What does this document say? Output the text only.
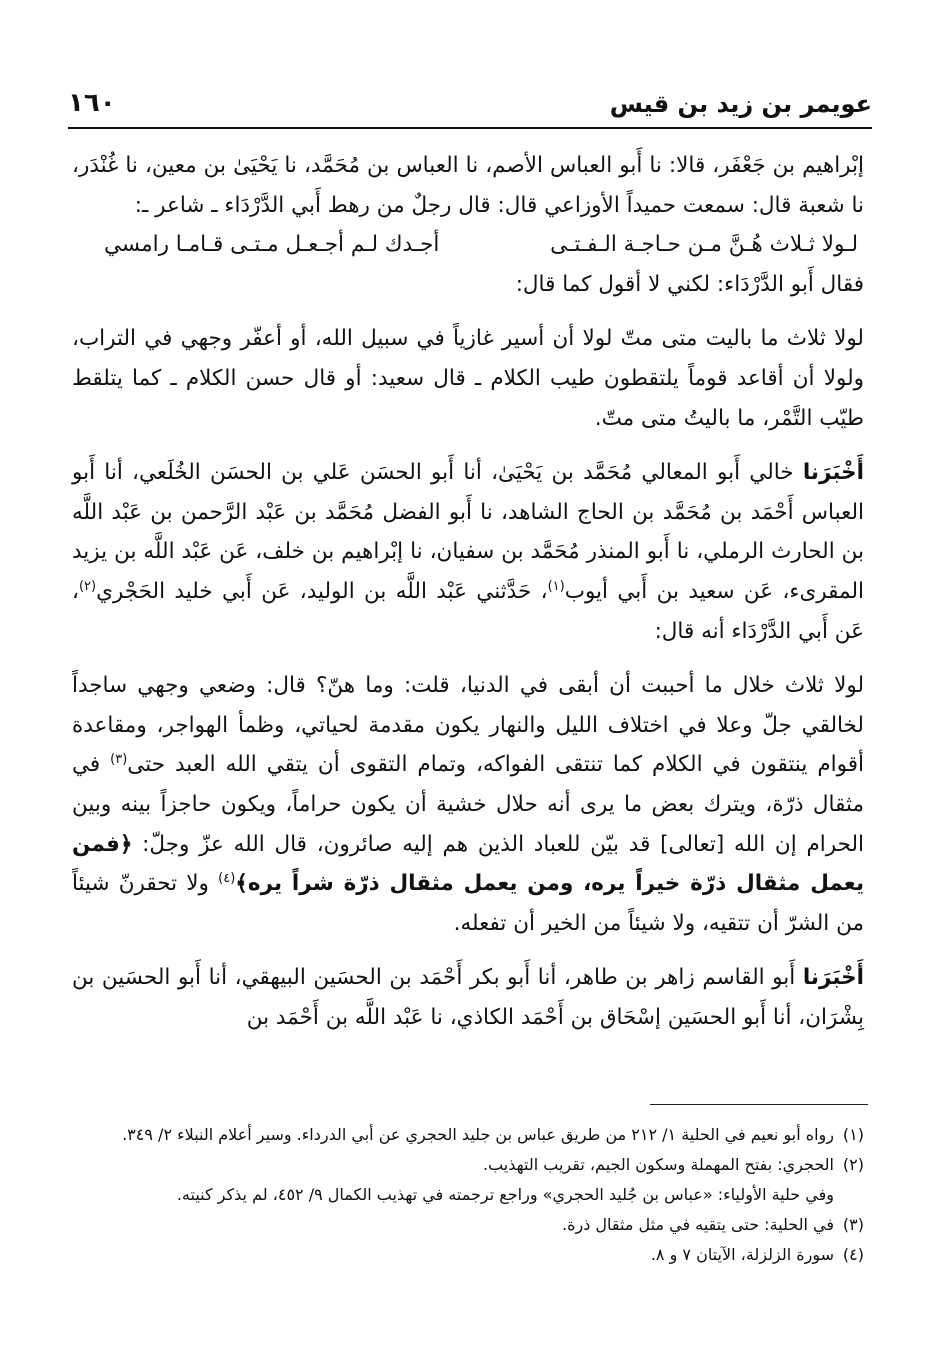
عويمر بن زيد بن قيس
١٦٠

إبْراهيم بن جَعْفَر، قالا: نا أَبو العباس الأصم، نا العباس بن مُحَمَّد، نا يَحْيَىٰ بن معين، نا غُنْدَر، نا شعبة قال: سمعت حميداً الأوزاعي قال: قال رجلٌ من رهط أَبي الدَّرْدَاء ـ شاعر ـ:

لـولا ثـلاث هُـنَّ مـن حـاجـة الـفـتـى
أجـدك لـم أجـعـل مـتـى قـامـا رامسي

فقال أَبو الدَّرْدَاء: لكني لا أقول كما قال:

لولا ثلاث ما باليت متى متّ لولا أن أسير غازياً في سبيل الله، أو أعفّر وجهي في التراب، ولولا أن أقاعد قوماً يلتقطون طيب الكلام ـ قال سعيد: أو قال حسن الكلام ـ كما يتلقط طيّب التَّمْر، ما باليتُ متى متّ.

أَخْبَرَنا خالي أَبو المعالي مُحَمَّد بن يَحْيَىٰ، أنا أَبو الحسَن عَلي بن الحسَن الخُلَعي، أنا أَبو العباس أَحْمَد بن مُحَمَّد بن الحاج الشاهد، نا أَبو الفضل مُحَمَّد بن عَبْد الرَّحمن بن عَبْد اللَّه بن الحارث الرملي، نا أَبو المنذر مُحَمَّد بن سفيان، نا إبْراهيم بن خلف، عَن عَبْد اللَّه بن يزيد المقرىء، عَن سعيد بن أَبي أيوب$^{(١)}$، حَدَّثني عَبْد اللَّه بن الوليد، عَن أَبي خليد الحَجْري$^{(٢)}$، عَن أَبي الدَّرْدَاء أنه قال:

لولا ثلاث خلال ما أحببت أن أبقى في الدنيا، قلت: وما هنّ؟ قال: وضعي وجهي ساجداً لخالقي جلّ وعلا في اختلاف الليل والنهار يكون مقدمة لحياتي، وظمأ الهواجر، ومقاعدة أقوام ينتقون في الكلام كما تنتقى الفواكه، وتمام التقوى أن يتقي الله العبد حتى$^{(٣)}$ في مثقال ذرّة، ويترك بعض ما يرى أنه حلال خشية أن يكون حراماً، ويكون حاجزاً بينه وبين الحرام إن الله [تعالى] قد بيّن للعباد الذين هم إليه صائرون، قال الله عزّ وجلّ: ﴿فمن يعمل مثقال ذرّة خيراً يره، ومن يعمل مثقال ذرّة شراً يره﴾$^{(٤)}$ ولا تحقرنّ شيئاً من الشرّ أن تتقيه، ولا شيئاً من الخير أن تفعله.

أَخْبَرَنا أَبو القاسم زاهر بن طاهر، أنا أَبو بكر أَحْمَد بن الحسَين البيهقي، أنا أَبو الحسَين بن بِشْرَان، أنا أَبو الحسَين إسْحَاق بن أَحْمَد الكاذي، نا عَبْد اللَّه بن أَحْمَد بن

(١)
رواه أبو نعيم في الحلية ١/ ٢١٢ من طريق عباس بن جليد الحجري عن أبي الدرداء. وسير أعلام النبلاء ٢/ ٣٤٩.
(٢)
الحجري: بفتح المهملة وسكون الجيم، تقريب التهذيب.
وفي حلية الأولياء: «عباس بن جُليد الحجري» وراجع ترجمته في تهذيب الكمال ٩/ ٤٥٢، لم يذكر كنيته.
(٣)
في الحلية: حتى يتقيه في مثل مثقال ذرة.
(٤)
سورة الزلزلة، الآيتان ٧ و ٨.
